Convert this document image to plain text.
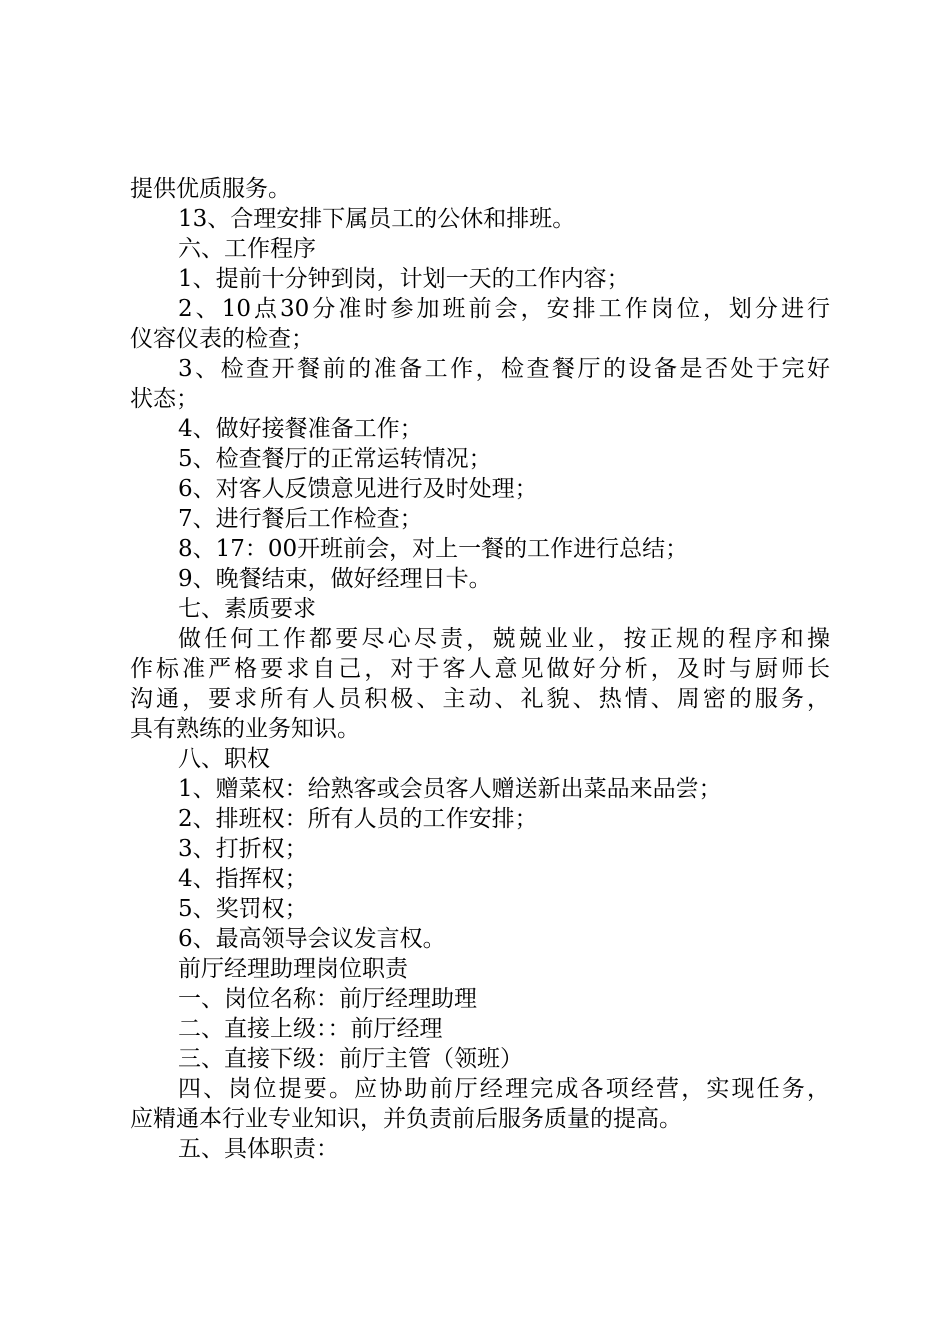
提供优质服务。
13、合理安排下属员工的公休和排班。
六、工作程序
1、提前十分钟到岗，计划一天的工作内容；
2、10点30分准时参加班前会，安排工作岗位，划分进行
仪容仪表的检查；
3、检查开餐前的准备工作，检查餐厅的设备是否处于完好
状态；
4、做好接餐准备工作；
5、检查餐厅的正常运转情况；
6、对客人反馈意见进行及时处理；
7、进行餐后工作检查；
8、17：00开班前会，对上一餐的工作进行总结；
9、晚餐结束，做好经理日卡。
七、素质要求
做任何工作都要尽心尽责，兢兢业业，按正规的程序和操
作标准严格要求自己，对于客人意见做好分析，及时与厨师长
沟通，要求所有人员积极、主动、礼貌、热情、周密的服务，
具有熟练的业务知识。
八、职权
1、赠菜权：给熟客或会员客人赠送新出菜品来品尝；
2、排班权：所有人员的工作安排；
3、打折权；
4、指挥权；
5、奖罚权；
6、最高领导会议发言权。
前厅经理助理岗位职责
一、岗位名称：前厅经理助理
二、直接上级：：前厅经理
三、直接下级：前厅主管（领班）
四、岗位提要。应协助前厅经理完成各项经营，实现任务，
应精通本行业专业知识，并负责前后服务质量的提高。
五、具体职责：
